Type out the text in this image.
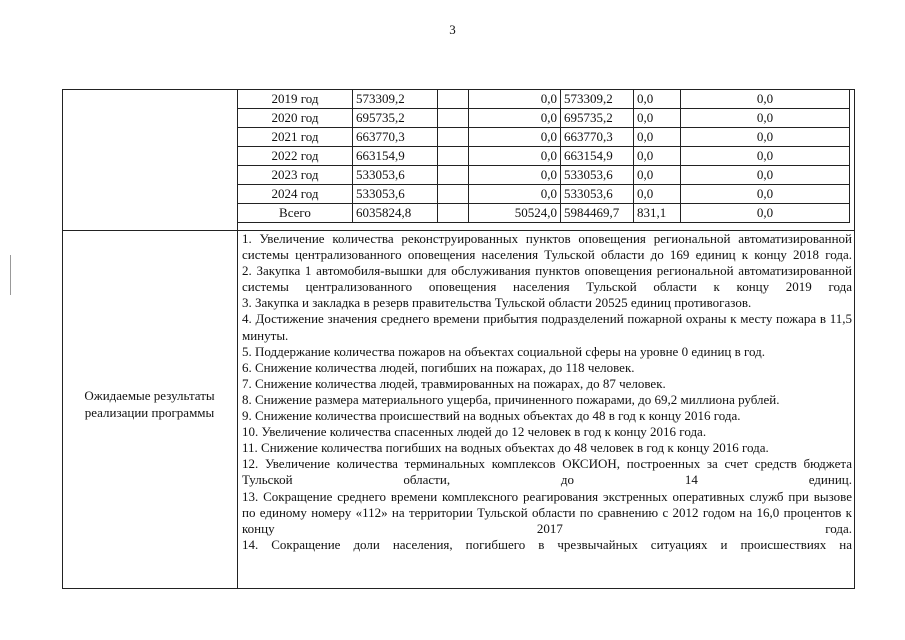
3
2019 год	573309,2		0,0	573309,2	0,0	0,0
2020 год	695735,2		0,0	695735,2	0,0	0,0
2021 год	663770,3		0,0	663770,3	0,0	0,0
2022 год	663154,9		0,0	663154,9	0,0	0,0
2023 год	533053,6		0,0	533053,6	0,0	0,0
2024 год	533053,6		0,0	533053,6	0,0	0,0
Всего	6035824,8		50524,0	5984469,7	831,1	0,0
Ожидаемые результаты реализации программы

1. Увеличение количества реконструированных пунктов оповещения региональной автоматизированной системы централизованного оповещения населения Тульской области до 169 единиц к концу 2018 года.

2. Закупка 1 автомобиля-вышки для обслуживания пунктов оповещения региональной автоматизированной системы централизованного оповещения населения Тульской области к концу 2019 года

3. Закупка и закладка в резерв правительства Тульской области 20525 единиц противогазов.

4. Достижение значения среднего времени прибытия подразделений пожарной охраны к месту пожара в 11,5 минуты.

5. Поддержание количества пожаров на объектах социальной сферы на уровне 0 единиц в год.

6. Снижение количества людей, погибших на пожарах, до 118 человек.

7. Снижение количества людей, травмированных на пожарах, до 87 человек.

8. Снижение размера материального ущерба, причиненного пожарами, до 69,2 миллиона рублей.

9. Снижение количества происшествий на водных объектах до 48 в год к концу 2016 года.

10. Увеличение количества спасенных людей до 12 человек в год к концу 2016 года.

11. Снижение количества погибших на водных объектах до 48 человек в год к концу 2016 года.

12. Увеличение количества терминальных комплексов ОКСИОН, построенных за счет средств бюджета Тульской области, до 14 единиц.

13. Сокращение среднего времени комплексного реагирования экстренных оперативных служб при вызове по единому номеру «112» на территории Тульской области по сравнению с 2012 годом на 16,0 процентов к концу 2017 года.

14. Сокращение доли населения, погибшего в чрезвычайных ситуациях и происшествиях на
